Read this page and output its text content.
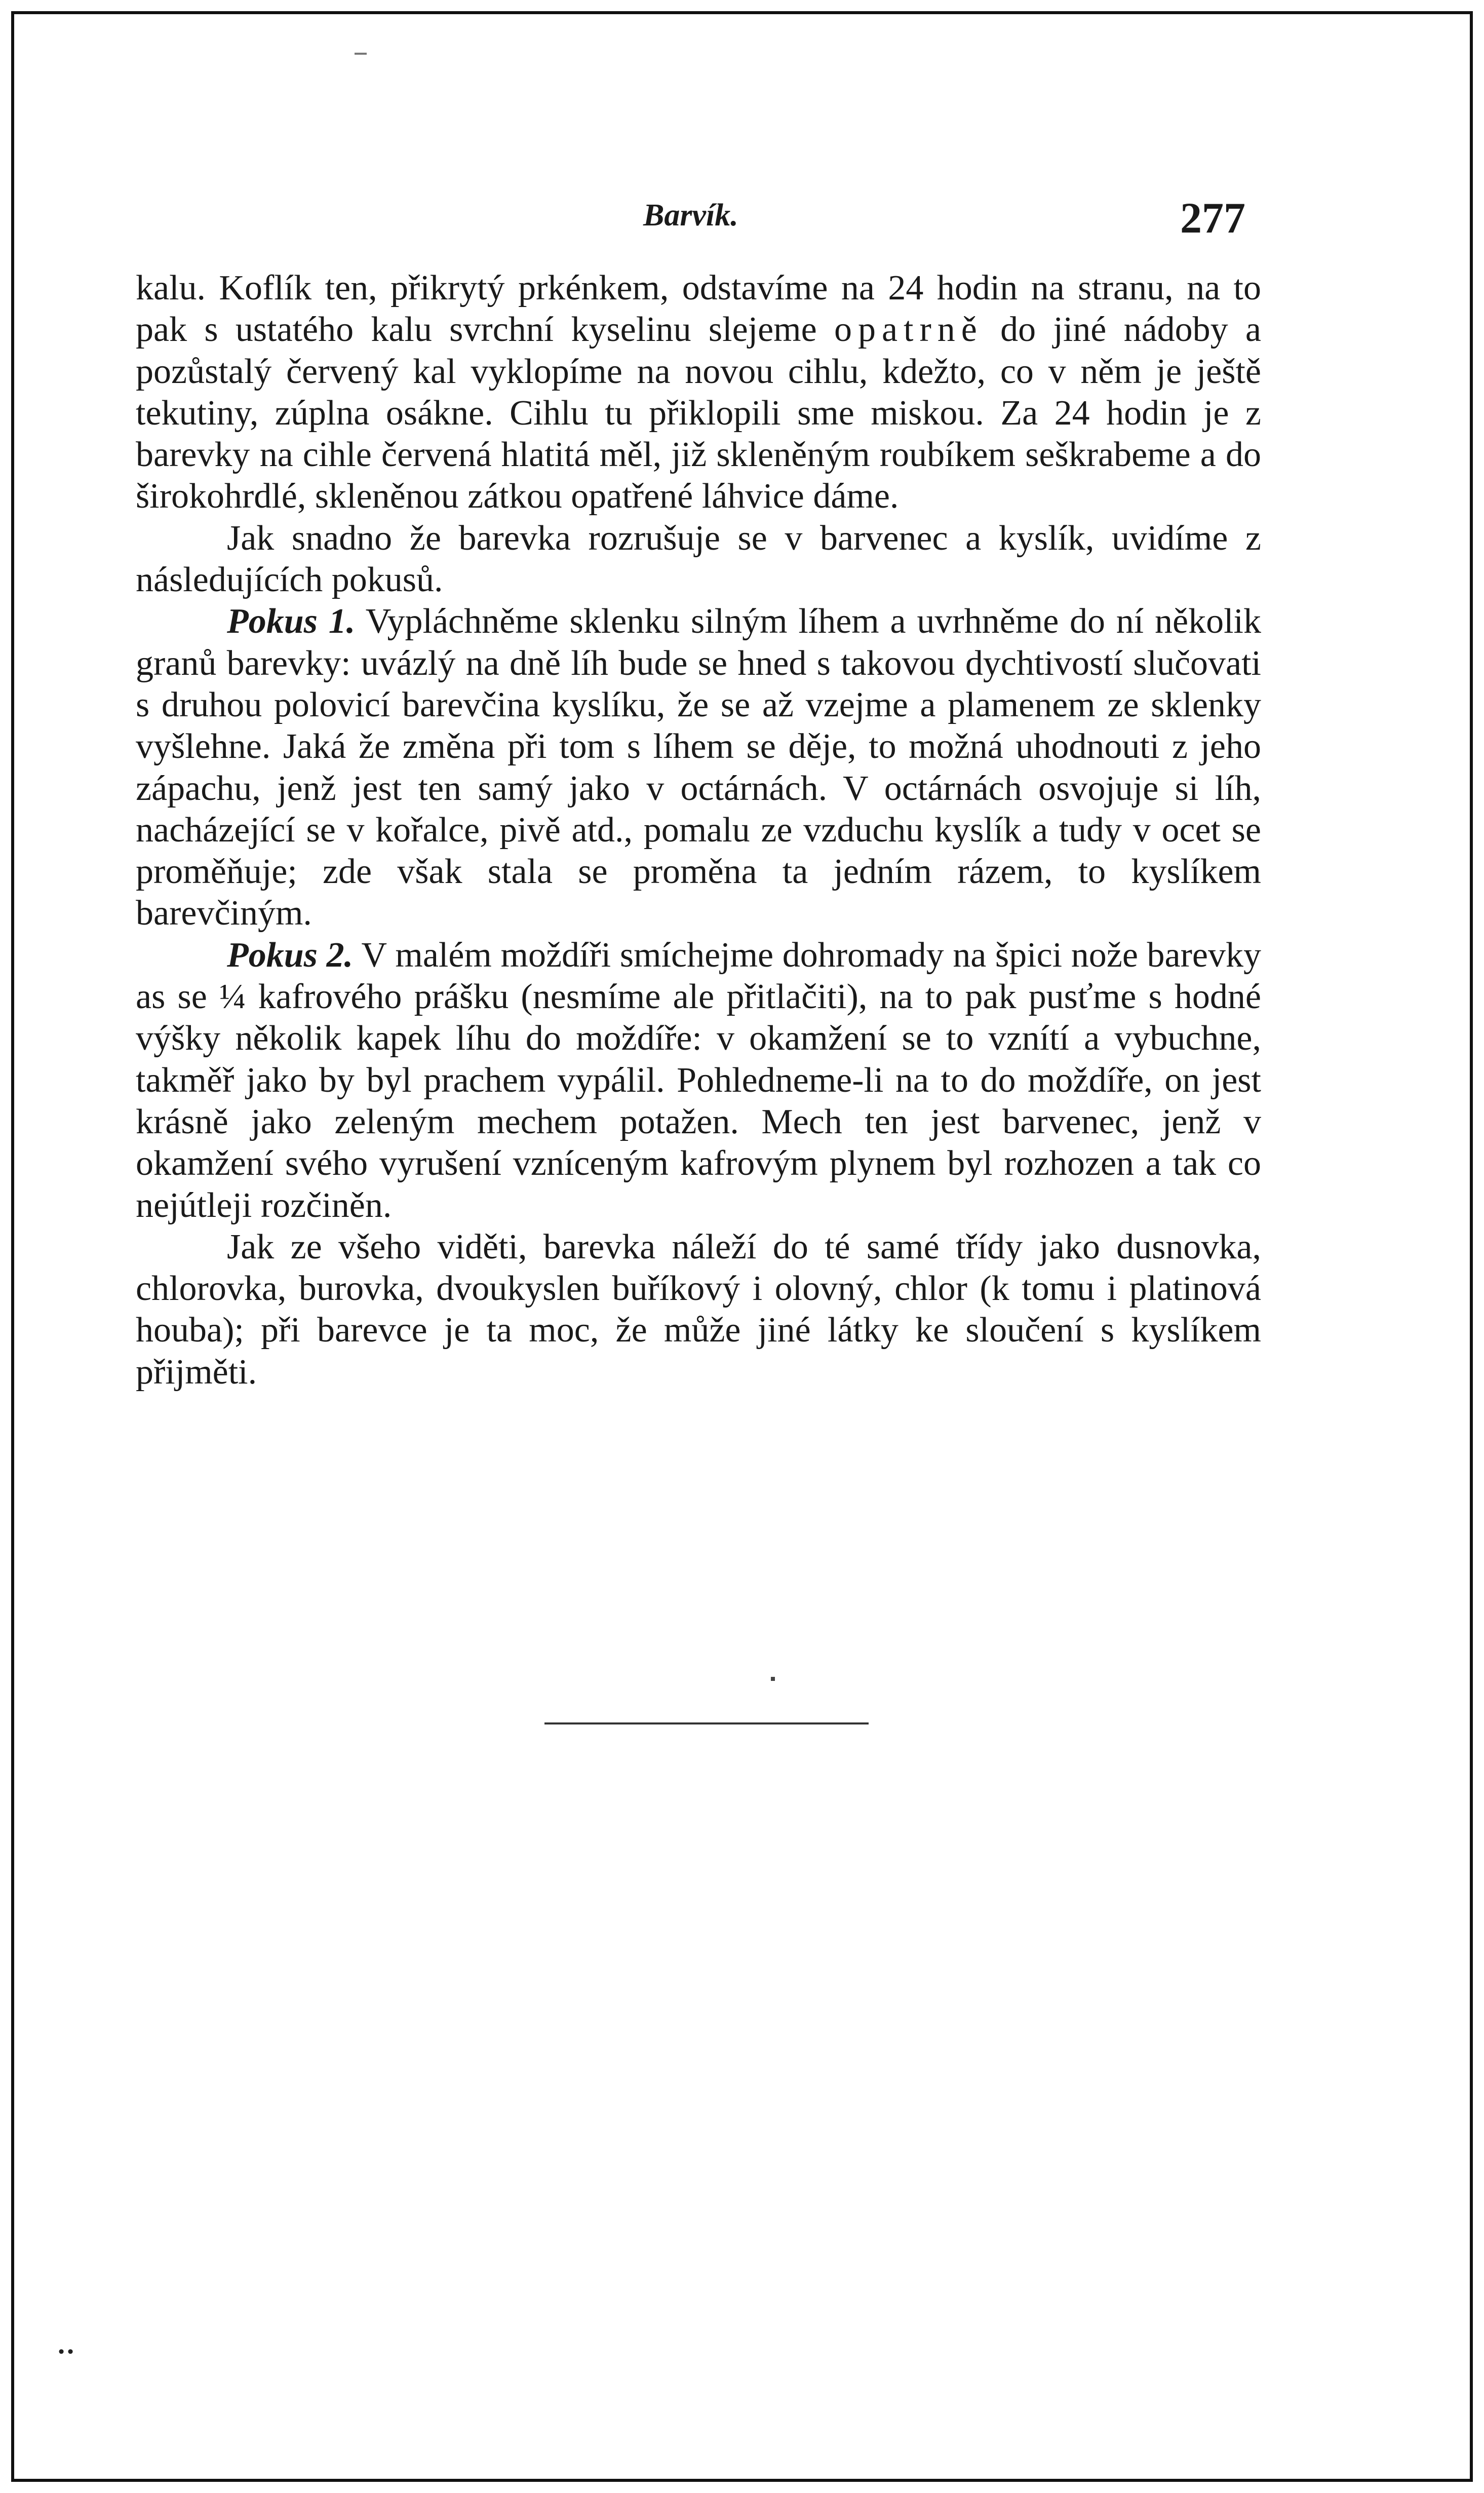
Barvík.	277

kalu. Koflík ten, přikrytý prkénkem, odstavíme na 24 hodin na stranu, na to pak s ustatého kalu svrchní kyselinu slejeme opatrně do jiné nádoby a pozůstalý červený kal vyklopíme na novou cihlu, kdežto, co v něm je ještě tekutiny, zúplna osákne. Cihlu tu přiklopili sme miskou. Za 24 hodin je z barevky na cihle červená hlatitá měl, již skleněným roubíkem seškrabeme a do širokohrdlé, skleněnou zátkou opatřené láhvice dáme.

Jak snadno že barevka rozrušuje se v barvenec a kyslík, uvidíme z následujících pokusů.

Pokus 1. Vypláchněme sklenku silným líhem a uvrhněme do ní několik granů barevky: uvázlý na dně líh bude se hned s takovou dychtivostí slučovati s druhou polovicí barevčina kyslíku, že se až vzejme a plamenem ze sklenky vyšlehne. Jaká že změna při tom s líhem se děje, to možná uhodnouti z jeho zápachu, jenž jest ten samý jako v octárnách. V octárnách osvojuje si líh, nacházející se v kořalce, pivě atd., pomalu ze vzduchu kyslík a tudy v ocet se proměňuje; zde však stala se proměna ta jedním rázem, to kyslíkem barevčiným.

Pokus 2. V malém moždíři smíchejme dohromady na špici nože barevky as se ¼ kafrového prášku (nesmíme ale přitlačiti), na to pak pusťme s hodné výšky několik kapek líhu do moždíře: v okamžení se to vznítí a vybuchne, takměř jako by byl prachem vypálil. Pohledneme-li na to do moždíře, on jest krásně jako zeleným mechem potažen. Mech ten jest barvenec, jenž v okamžení svého vyrušení vzníceným kafrovým plynem byl rozhozen a tak co nejútleji rozčiněn.

Jak ze všeho viděti, barevka náleží do té samé třídy jako dusnovka, chlorovka, burovka, dvoukyslen buříkový i olovný, chlor (k tomu i platinová houba); při barevce je ta moc, že může jiné látky ke sloučení s kyslíkem přijměti.

:
